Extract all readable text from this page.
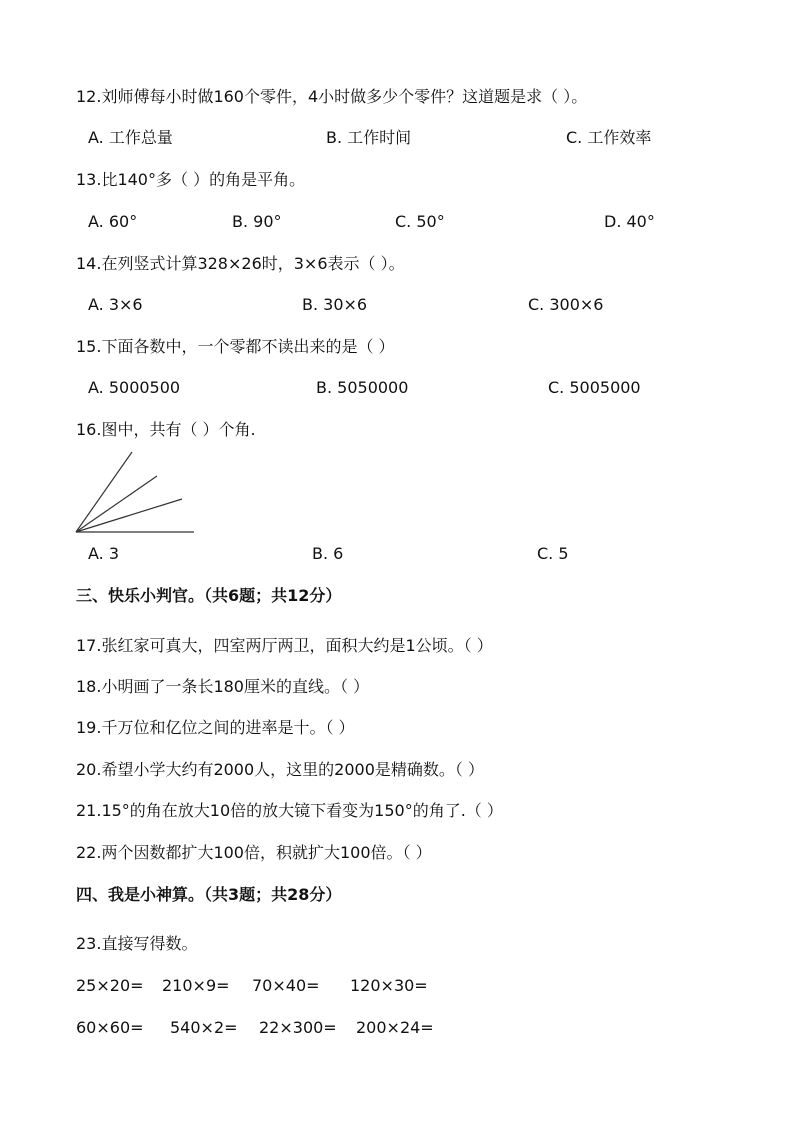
12.刘师傅每小时做160个零件，4小时做多少个零件？这道题是求（ ）。
A. 工作总量	B. 工作时间	C. 工作效率
13.比140°多（ ）的角是平角。
A. 60°	B. 90°	C. 50°	D. 40°
14.在列竖式计算328×26时，3×6表示（ ）。
A. 3×6	B. 30×6	C. 300×6
15.下面各数中，一个零都不读出来的是（ ）
A. 5000500	B. 5050000	C. 5005000
16.图中，共有（ ）个角.
A. 3	B. 6	C. 5
三、快乐小判官。（共6题；共12分）
17.张红家可真大，四室两厅两卫，面积大约是1公顷。（ ）
18.小明画了一条长180厘米的直线。（ ）
19.千万位和亿位之间的进率是十。（ ）
20.希望小学大约有2000人，这里的2000是精确数。（ ）
21.15°的角在放大10倍的放大镜下看变为150°的角了.（ ）
22.两个因数都扩大100倍，积就扩大100倍。（ ）
四、我是小神算。（共3题；共28分）
23.直接写得数。
25×20= 210×9= 70×40= 120×30=
60×60= 540×2= 22×300= 200×24=
